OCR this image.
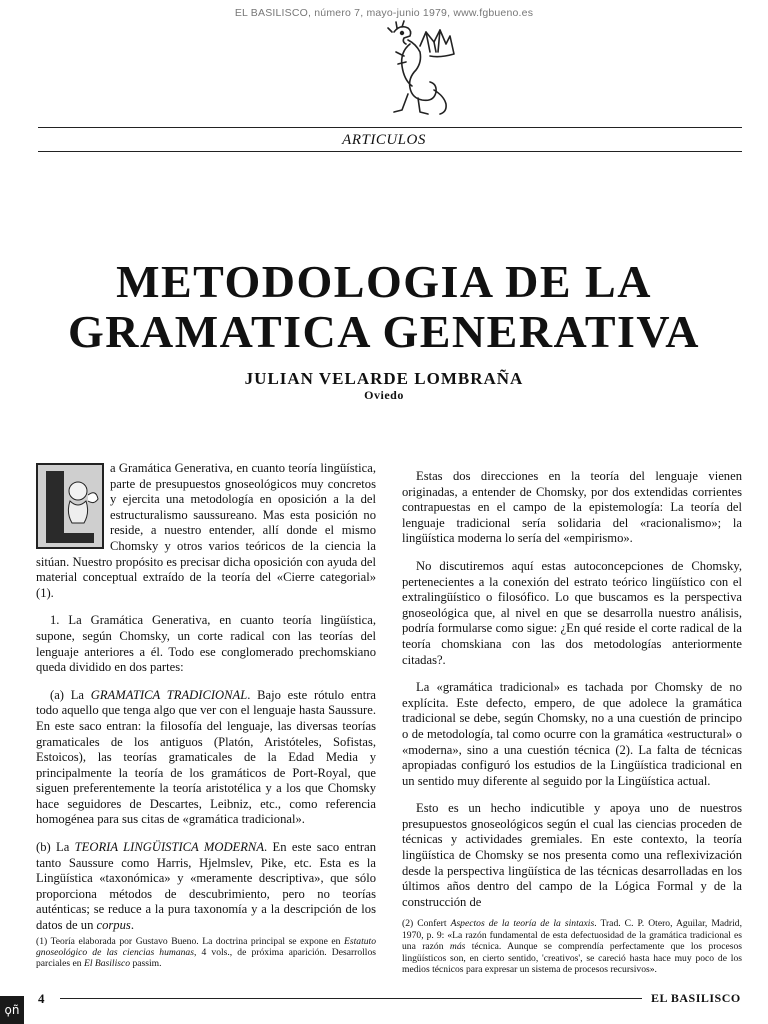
EL BASILISCO, número 7, mayo-junio 1979, www.fgbueno.es
ARTICULOS
METODOLOGIA DE LA
GRAMATICA GENERATIVA
JULIAN VELARDE LOMBRAÑA
Oviedo

a Gramática Generativa, en cuanto teoría lingüística, parte de presupuestos gnoseológicos muy concretos y ejercita una metodología en oposición a la del estructuralismo saussureano. Mas esta posición no reside, a nuestro entender, allí donde el mismo Chomsky y otros varios teóricos de la ciencia la sitúan. Nuestro propósito es precisar dicha oposición con ayuda del material conceptual extraído de la teoría del «Cierre categorial» (1).

1. La Gramática Generativa, en cuanto teoría lingüística, supone, según Chomsky, un corte radical con las teorías del lenguaje anteriores a él. Todo ese conglomerado prechomskiano queda dividido en dos partes:

(a) La GRAMATICA TRADICIONAL. Bajo este rótulo entra todo aquello que tenga algo que ver con el lenguaje hasta Saussure. En este saco entran: la filosofía del lenguaje, las diversas teorías gramaticales de los antiguos (Platón, Aristóteles, Sofistas, Estoicos), las teorías gramaticales de la Edad Media y principalmente la teoría de los gramáticos de Port-Royal, que siguen preferentemente la teoría aristotélica y a los que Chomsky hace seguidores de Descartes, Leibniz, etc., como referencia homogénea para sus citas de «gramática tradicional».

(b) La TEORIA LINGÜISTICA MODERNA. En este saco entran tanto Saussure como Harris, Hjelmslev, Pike, etc. Esta es la Lingüística «taxonómica» y «meramente descriptiva», que sólo proporciona métodos de descubrimiento, pero no teorías auténticas; se reduce a la pura taxonomía y a la descripción de los datos de un corpus.

(1) Teoría elaborada por Gustavo Bueno. La doctrina principal se expone en Estatuto gnoseológico de las ciencias humanas, 4 vols., de próxima aparición. Desarrollos parciales en El Basilisco passim.

Estas dos direcciones en la teoría del lenguaje vienen originadas, a entender de Chomsky, por dos extendidas corrientes contrapuestas en el campo de la epistemología: La teoría del lenguaje tradicional sería solidaria del «racionalismo»; la lingüística moderna lo sería del «empirismo».

No discutiremos aquí estas autoconcepciones de Chomsky, pertenecientes a la conexión del estrato teórico lingüístico con el extralingüístico o filosófico. Lo que buscamos es la perspectiva gnoseológica que, al nivel en que se desarrolla nuestro análisis, podría formularse como sigue: ¿En qué reside el corte radical de la teoría chomskiana con las dos metodologías anteriormente citadas?.

La «gramática tradicional» es tachada por Chomsky de no explícita. Este defecto, empero, de que adolece la gramática tradicional se debe, según Chomsky, no a una cuestión de principo o de metodología, tal como ocurre con la gramática «estructural» o «moderna», sino a una cuestión técnica (2). La falta de técnicas apropiadas configuró los estudios de la Lingüística tradicional en un sentido muy diferente al seguido por la Lingüística actual.

Esto es un hecho indicutible y apoya uno de nuestros presupuestos gnoseológicos según el cual las ciencias proceden de técnicas y actividades gremiales. En este contexto, la teoría lingüística de Chomsky se nos presenta como una reflexivización desde la perspectiva lingüística de las técnicas desarrolladas en los últimos años dentro del campo de la Lógica Formal y de la construcción de

(2) Confert Aspectos de la teoría de la sintaxis. Trad. C. P. Otero, Aguilar, Madrid, 1970, p. 9: «La razón fundamental de esta defectuosidad de la gramática tradicional es una razón más técnica. Aunque se comprendía perfectamente que los procesos lingüísticos son, en cierto sentido, 'creativos', se careció hasta hace muy poco de los medios técnicos para expresar un sistema de procesos recursivos».

4	EL BASILISCO
ϙñ
